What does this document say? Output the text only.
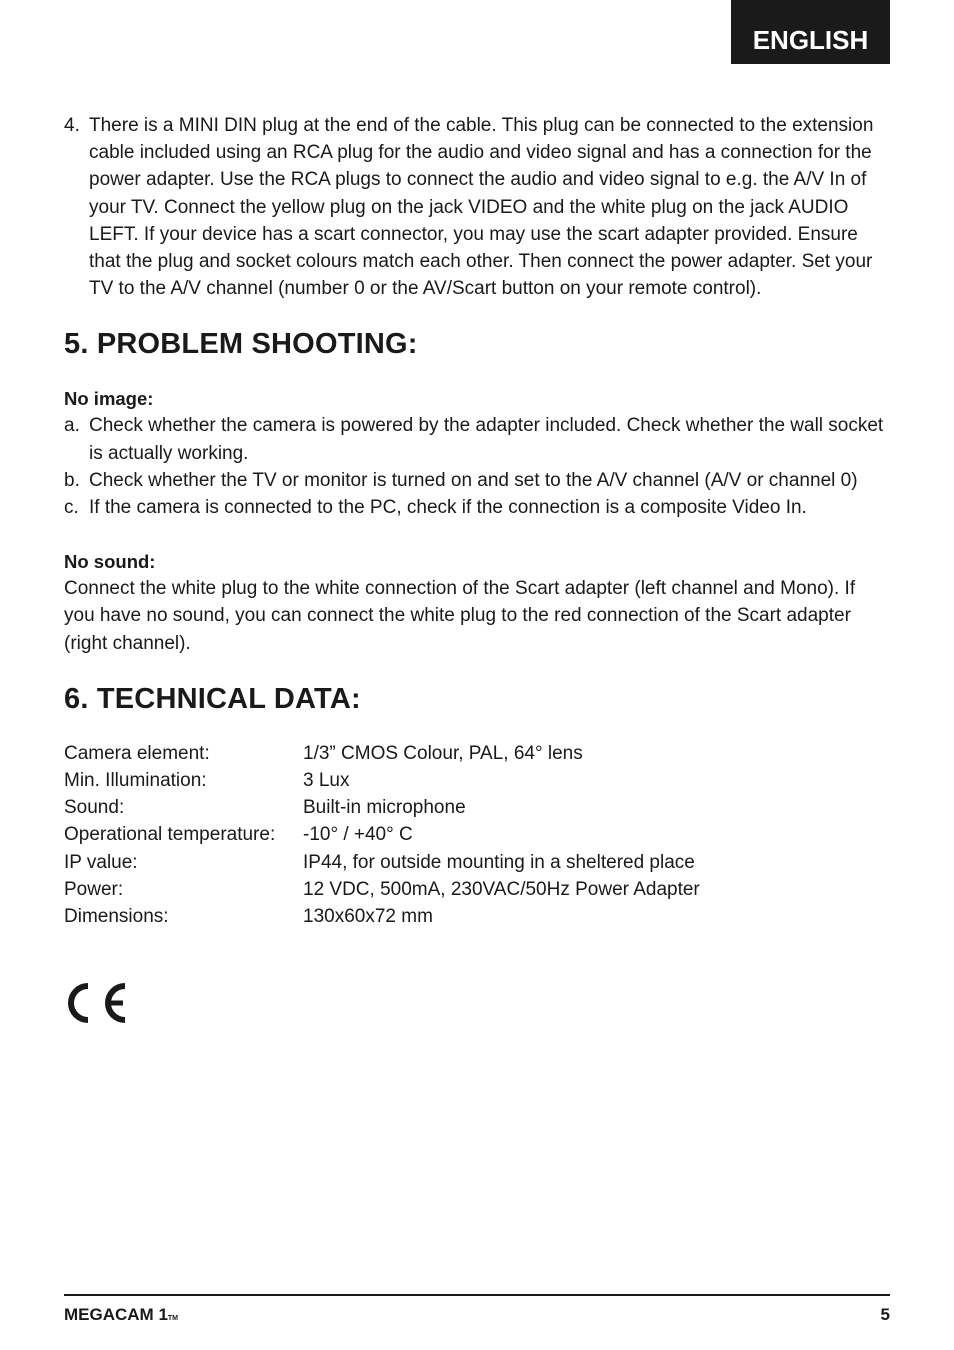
ENGLISH
4. There is a MINI DIN plug at the end of the cable. This plug can be connected to the extension cable included using an RCA plug for the audio and video signal and has a connection for the power adapter. Use the RCA plugs to connect the audio and video signal to e.g. the A/V In of your TV. Connect the yellow plug on the jack VIDEO and the white plug on the jack AUDIO LEFT. If your device has a scart connector, you may use the scart adapter provided. Ensure that the plug and socket colours match each other. Then connect the power adapter. Set your TV to the A/V channel (number 0 or the AV/Scart button on your remote control).
5. PROBLEM SHOOTING:
No image:
a. Check whether the camera is powered by the adapter included. Check whether the wall socket is actually working.
b. Check whether the TV or monitor is turned on and set to the A/V channel (A/V or channel 0)
c. If the camera is connected to the PC, check if the connection is a composite Video In.
No sound:
Connect the white plug to the white connection of the Scart adapter (left channel and Mono). If you have no sound, you can connect the white plug to the red connection of the Scart adapter (right channel).
6. TECHNICAL DATA:
Camera element:	1/3” CMOS Colour, PAL, 64° lens
Min. Illumination:	3 Lux
Sound:	Built-in microphone
Operational temperature:	-10° / +40° C
IP value:	IP44, for outside mounting in a sheltered place
Power:	12 VDC, 500mA, 230VAC/50Hz Power Adapter
Dimensions:	130x60x72 mm
MEGACAM 1TM	5
